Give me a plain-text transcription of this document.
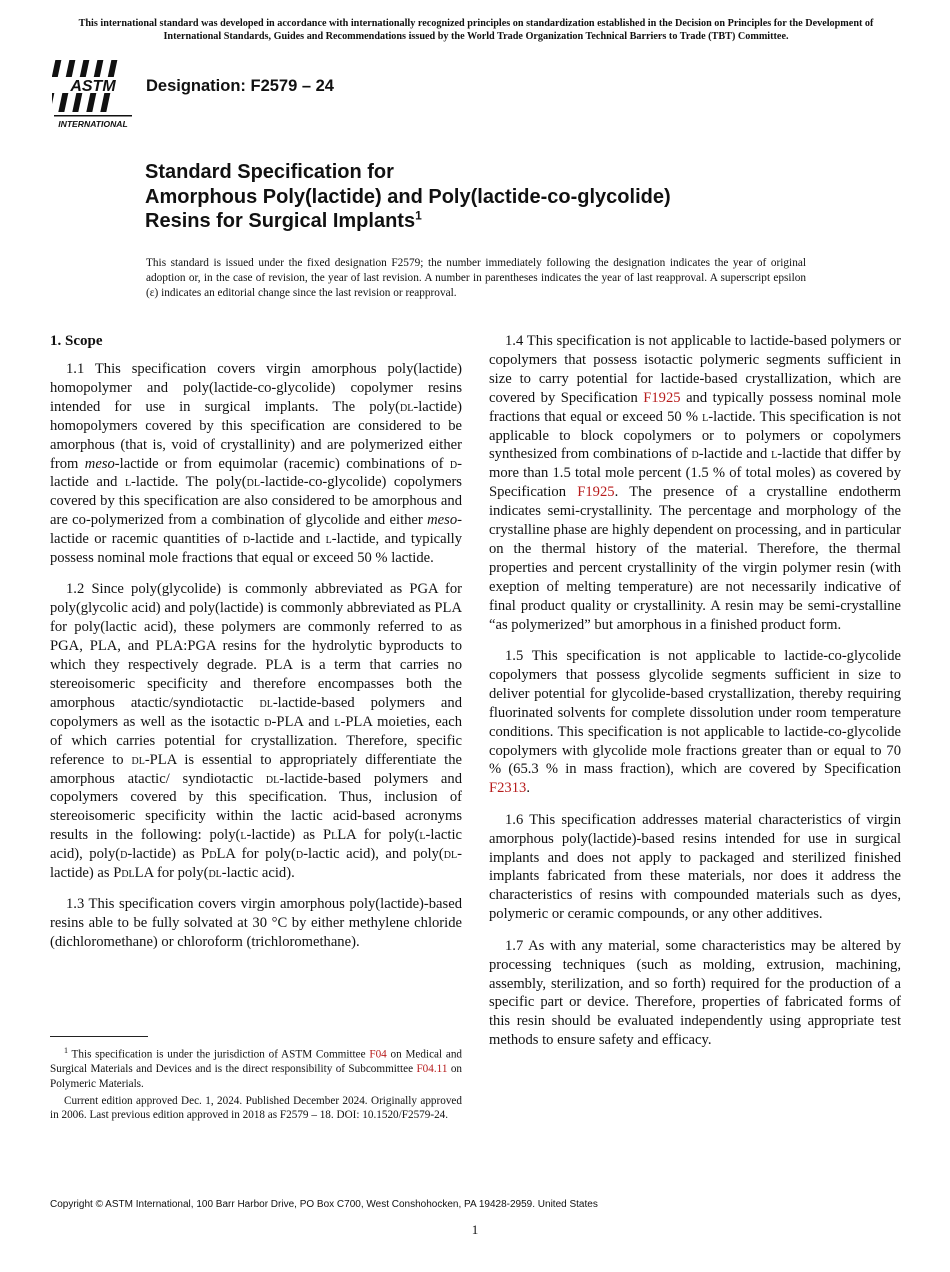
This international standard was developed in accordance with internationally recognized principles on standardization established in the Decision on Principles for the Development of International Standards, Guides and Recommendations issued by the World Trade Organization Technical Barriers to Trade (TBT) Committee.
ASTM
INTERNATIONAL
Designation: F2579 – 24
Standard Specification for
Amorphous Poly(lactide) and Poly(lactide-co-glycolide)
Resins for Surgical Implants$^1$
This standard is issued under the fixed designation F2579; the number immediately following the designation indicates the year of original adoption or, in the case of revision, the year of last revision. A number in parentheses indicates the year of last reapproval. A superscript epsilon (ε) indicates an editorial change since the last revision or reapproval.
1. Scope

1.1 This specification covers virgin amorphous poly(lactide) homopolymer and poly(lactide-co-glycolide) copolymer resins intended for use in surgical implants. The poly(dl-lactide) homopolymers covered by this specification are considered to be amorphous (that is, void of crystallinity) and are polymerized either from meso-lactide or from equimolar (racemic) combinations of d-lactide and l-lactide. The poly(dl-lactide-co-glycolide) copolymers covered by this specification are also considered to be amorphous and are co-polymerized from a combination of glycolide and either meso-lactide or racemic quantities of d-lactide and l-lactide, and typically possess nominal mole fractions that equal or exceed 50 % lactide.

1.2 Since poly(glycolide) is commonly abbreviated as PGA for poly(glycolic acid) and poly(lactide) is commonly abbreviated as PLA for poly(lactic acid), these polymers are commonly referred to as PGA, PLA, and PLA:PGA resins for the hydrolytic byproducts to which they respectively degrade. PLA is a term that carries no stereoisomeric specificity and therefore encompasses both the amorphous atactic/syndiotactic dl-lactide-based polymers and copolymers as well as the isotactic d-PLA and l-PLA moieties, each of which carries potential for crystallization. Therefore, specific reference to dl-PLA is essential to appropriately differentiate the amorphous atactic/ syndiotactic dl-lactide-based polymers and copolymers covered by this specification. Thus, inclusion of stereoisomeric specificity within the lactic acid-based acronyms results in the following: poly(l-lactide) as PlLA for poly(l-lactic acid), poly(d-lactide) as PdLA for poly(d-lactic acid), and poly(dl-lactide) as PdlLA for poly(dl-lactic acid).

1.3 This specification covers virgin amorphous poly(lactide)-based resins able to be fully solvated at 30 °C by either methylene chloride (dichloromethane) or chloroform (trichloromethane).

1.4 This specification is not applicable to lactide-based polymers or copolymers that possess isotactic polymeric segments sufficient in size to carry potential for lactide-based crystallization, which are covered by Specification F1925 and typically possess nominal mole fractions that equal or exceed 50 % l-lactide. This specification is not applicable to block copolymers or to polymers or copolymers synthesized from combinations of d-lactide and l-lactide that differ by more than 1.5 total mole percent (1.5 % of total moles) as covered by Specification F1925. The presence of a crystalline endotherm indicates semi-crystallinity. The percentage and morphology of the crystalline phase are highly dependent on processing, and in particular on the thermal history of the material. Therefore, the thermal properties and percent crystallinity of the virgin polymer resin (with exeption of melting temperature) are not necessarily indicative of final product quality or crystallinity. A resin may be semi-crystalline “as polymerized” but amorphous in a finished product form.

1.5 This specification is not applicable to lactide-co-glycolide copolymers that possess glycolide segments sufficient in size to deliver potential for glycolide-based crystallization, thereby requiring fluorinated solvents for complete dissolution under room temperature conditions. This specification is not applicable to lactide-co-glycolide copolymers with glycolide mole fractions greater than or equal to 70 % (65.3 % in mass fraction), which are covered by Specification F2313.

1.6 This specification addresses material characteristics of virgin amorphous poly(lactide)-based resins intended for use in surgical implants and does not apply to packaged and sterilized finished implants fabricated from these materials, nor does it address the characteristics of resins with compounded materials such as dyes, polymeric or ceramic compounds, or any other additives.

1.7 As with any material, some characteristics may be altered by processing techniques (such as molding, extrusion, machining, assembly, sterilization, and so forth) required for the production of a specific part or device. Therefore, properties of fabricated forms of this resin should be evaluated independently using appropriate test methods to ensure safety and efficacy.

$^1$ This specification is under the jurisdiction of ASTM Committee F04 on Medical and Surgical Materials and Devices and is the direct responsibility of Subcommittee F04.11 on Polymeric Materials.

Current edition approved Dec. 1, 2024. Published December 2024. Originally approved in 2006. Last previous edition approved in 2018 as F2579 – 18. DOI: 10.1520/F2579-24.

Copyright © ASTM International, 100 Barr Harbor Drive, PO Box C700, West Conshohocken, PA 19428-2959. United States
1
